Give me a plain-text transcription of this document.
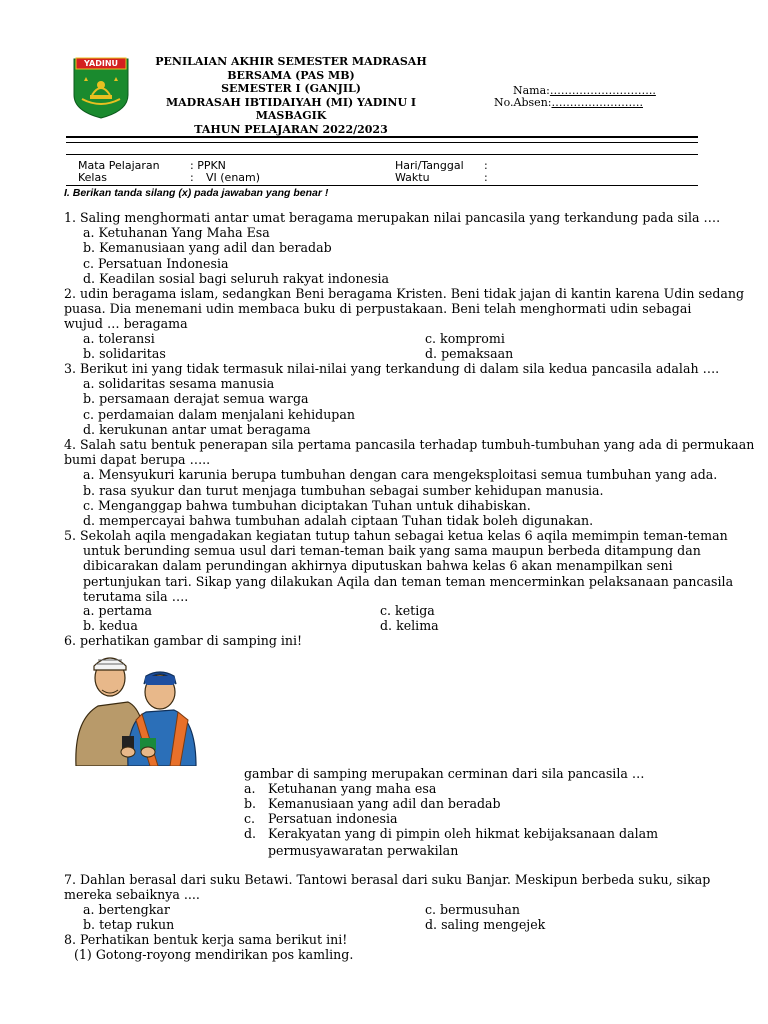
YADINU	PENILAIAN AKHIR SEMESTER MADRASAH
BERSAMA (PAS MB)
SEMESTER I (GANJIL)
MADRASAH IBTIDAIYAH (MI) YADINU I
MASBAGIK
TAHUN PELAJARAN 2022/2023
Nama:………………………..
No.Absen:…………………….
Mata Pelajaran	: PPKN
Kelas	: VI (enam)
Hari/Tanggal :
Waktu	:
I. Berikan tanda silang (x) pada jawaban yang benar !

1. Saling menghormati antar umat beragama merupakan nilai pancasila yang terkandung pada sila ….

a. Ketuhanan Yang Maha Esa

b. Kemanusiaan yang adil dan beradab

c. Persatuan Indonesia

d. Keadilan sosial bagi seluruh rakyat indonesia

2. udin beragama islam, sedangkan Beni beragama Kristen. Beni tidak jajan di kantin karena Udin sedang

puasa. Dia menemani udin membaca buku di perpustakaan. Beni telah menghormati udin sebagai

wujud … beragama

a. toleransi
b. solidaritas
c. kompromi
d. pemaksaan

3. Berikut ini yang tidak termasuk nilai-nilai yang terkandung di dalam sila kedua pancasila adalah ….

a. solidaritas sesama manusia

b. persamaan derajat semua warga

c. perdamaian dalam menjalani kehidupan

d. kerukunan antar umat beragama

4. Salah satu bentuk penerapan sila pertama pancasila terhadap tumbuh-tumbuhan yang ada di permukaan

bumi dapat berupa …..

a. Mensyukuri karunia berupa tumbuhan dengan cara mengeksploitasi semua tumbuhan yang ada.

b. rasa syukur dan turut menjaga tumbuhan sebagai sumber kehidupan manusia.

c. Menganggap bahwa tumbuhan diciptakan Tuhan untuk dihabiskan.

d. mempercayai bahwa tumbuhan adalah ciptaan Tuhan tidak boleh digunakan.

5. Sekolah aqila mengadakan kegiatan tutup tahun sebagai ketua kelas 6 aqila memimpin teman-teman

untuk berunding semua usul dari teman-teman baik yang sama maupun berbeda ditampung dan

dibicarakan dalam perundingan akhirnya diputuskan bahwa kelas 6 akan menampilkan seni

pertunjukan tari. Sikap yang dilakukan Aqila dan teman teman mencerminkan pelaksanaan pancasila

terutama sila ….

a. pertama
b. kedua
c. ketiga
d. kelima
6. perhatikan gambar di samping ini!
gambar di samping merupakan cerminan dari sila pancasila …
a. Ketuhanan yang maha esa
b. Kemanusiaan yang adil dan beradab
c. Persatuan indonesia
d. Kerakyatan yang di pimpin oleh hikmat kebijaksanaan dalam
permusyawaratan perwakilan

7. Dahlan berasal dari suku Betawi. Tantowi berasal dari suku Banjar. Meskipun berbeda suku, sikap

mereka sebaiknya ....

a. bertengkar
b. tetap rukun
c. bermusuhan
d. saling mengejek
8. Perhatikan bentuk kerja sama berikut ini!
(1) Gotong-royong mendirikan pos kamling.
